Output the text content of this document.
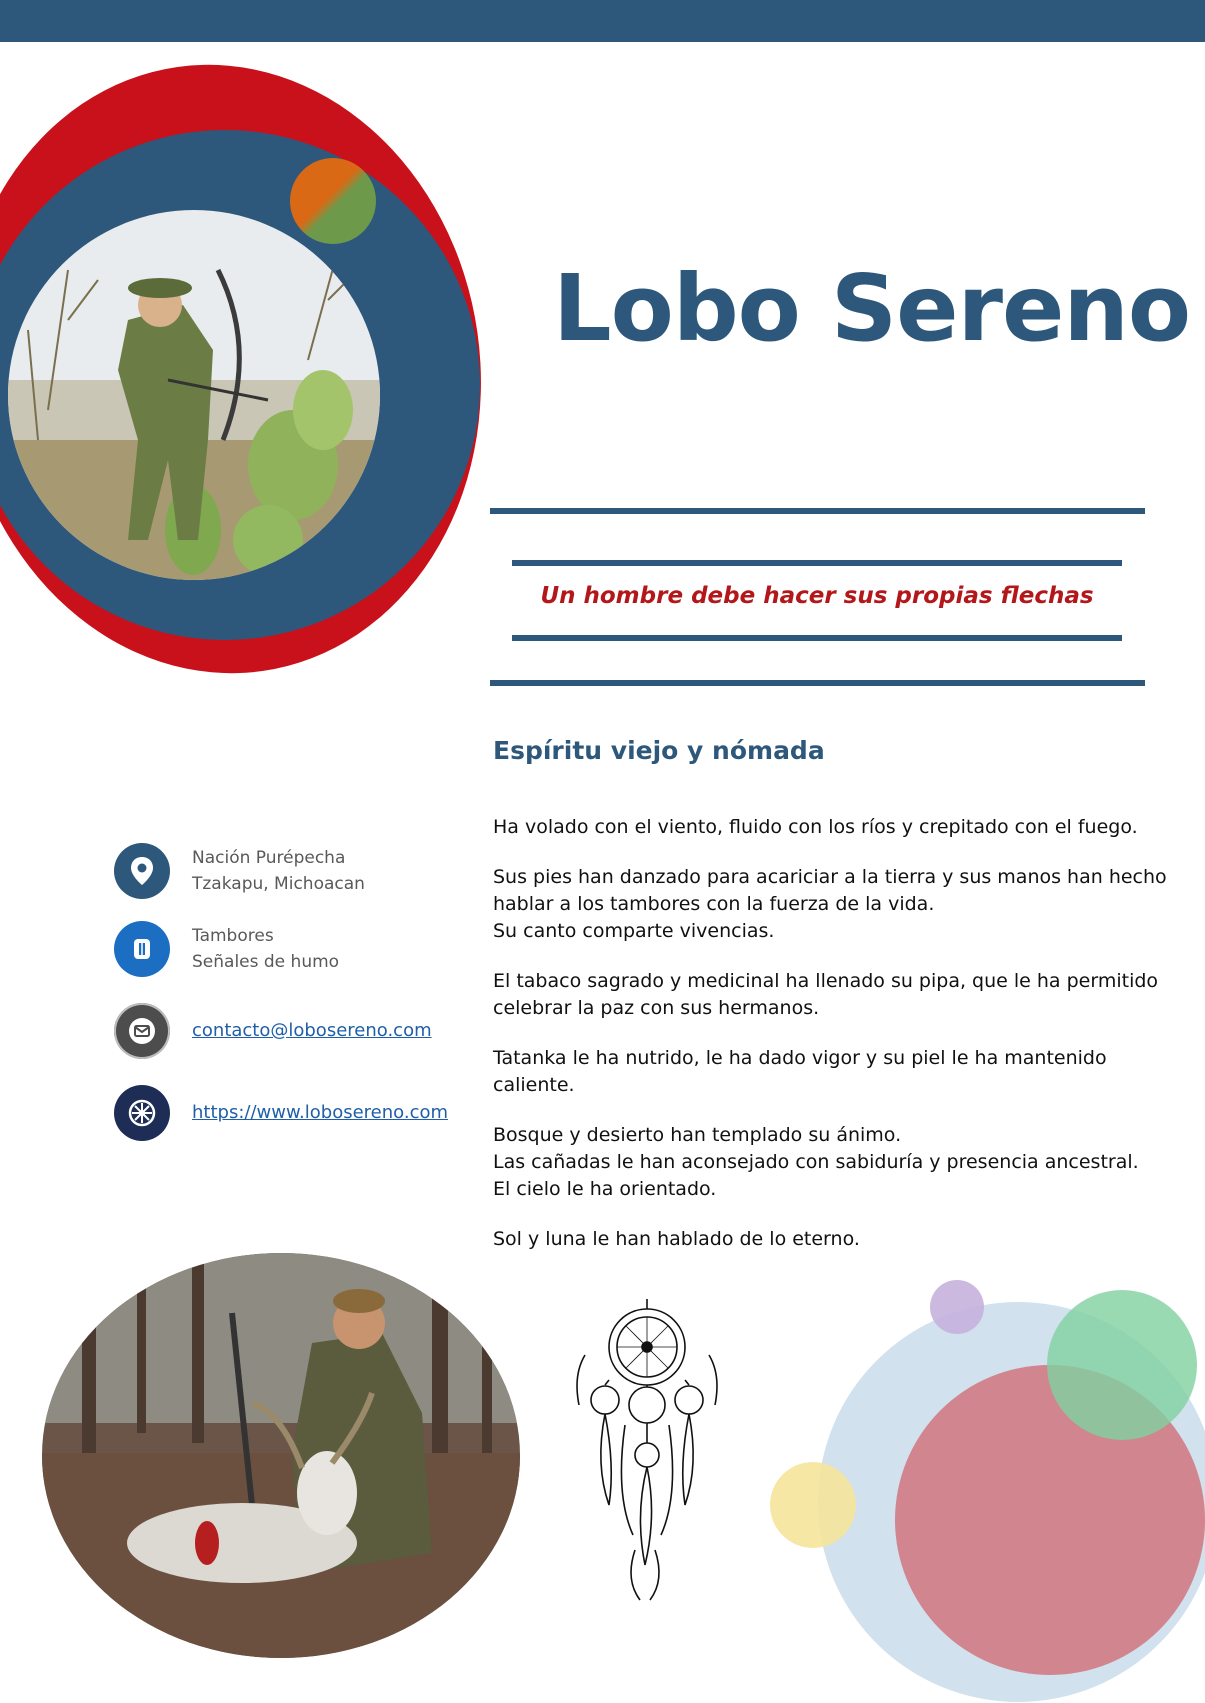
Lobo Sereno
Un hombre debe hacer sus propias flechas
Espíritu viejo y nómada

Ha volado con el viento, fluido con los ríos y crepitado con el fuego.

Sus pies han danzado para acariciar a la tierra y sus manos han hecho
hablar a los tambores con la fuerza de la vida.
Su canto comparte vivencias.

El tabaco sagrado y medicinal ha llenado su pipa, que le ha permitido
celebrar la paz con sus hermanos.

Tatanka le ha nutrido, le ha dado vigor y su piel le ha mantenido
caliente.

Bosque y desierto han templado su ánimo.
Las cañadas le han aconsejado con sabiduría y presencia ancestral.
El cielo le ha orientado.

Sol y luna le han hablado de lo eterno.

Nación Purépecha
Tzakapu, Michoacan
Tambores
Señales de humo
contacto@lobosereno.com
https://www.lobosereno.com
